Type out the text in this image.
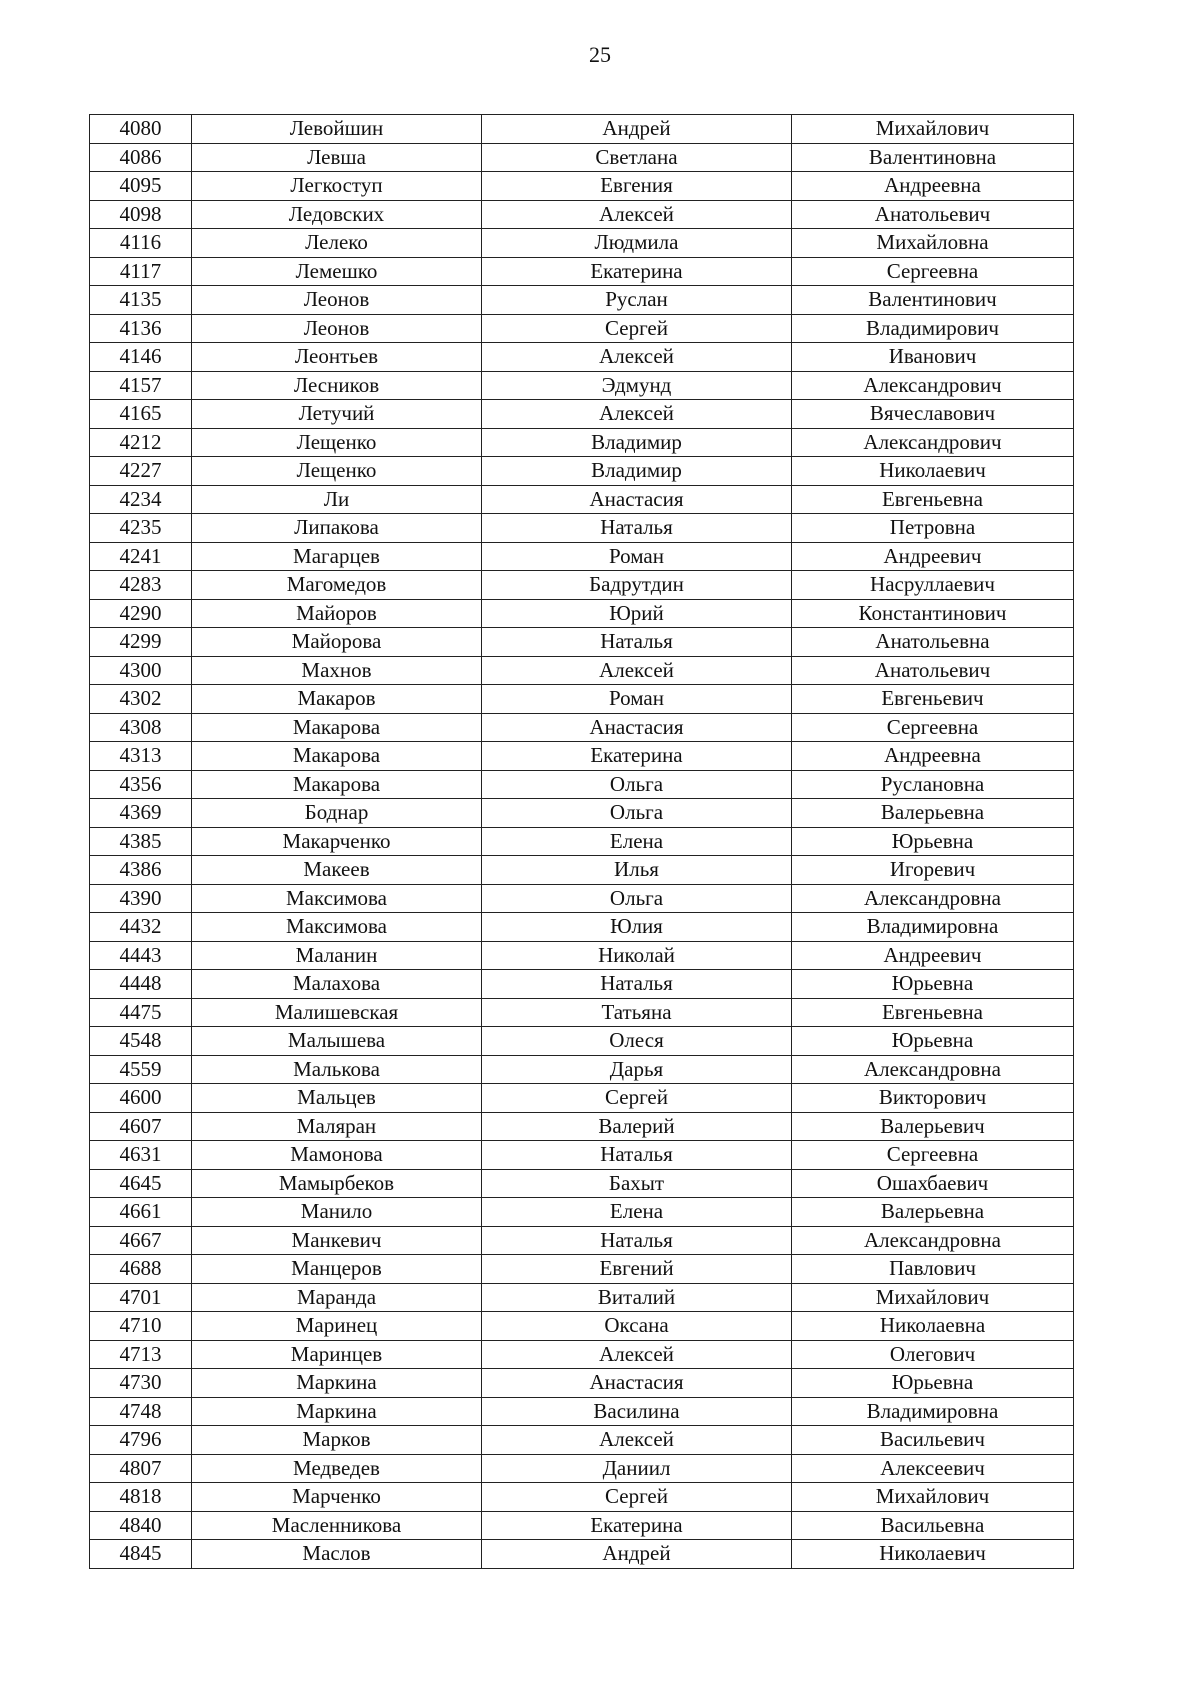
25
4080	Левойшин	Андрей	Михайлович
4086	Левша	Светлана	Валентиновна
4095	Легкоступ	Евгения	Андреевна
4098	Ледовских	Алексей	Анатольевич
4116	Лелеко	Людмила	Михайловна
4117	Лемешко	Екатерина	Сергеевна
4135	Леонов	Руслан	Валентинович
4136	Леонов	Сергей	Владимирович
4146	Леонтьев	Алексей	Иванович
4157	Лесников	Эдмунд	Александрович
4165	Летучий	Алексей	Вячеславович
4212	Лещенко	Владимир	Александрович
4227	Лещенко	Владимир	Николаевич
4234	Ли	Анастасия	Евгеньевна
4235	Липакова	Наталья	Петровна
4241	Магарцев	Роман	Андреевич
4283	Магомедов	Бадрутдин	Насруллаевич
4290	Майоров	Юрий	Константинович
4299	Майорова	Наталья	Анатольевна
4300	Махнов	Алексей	Анатольевич
4302	Макаров	Роман	Евгеньевич
4308	Макарова	Анастасия	Сергеевна
4313	Макарова	Екатерина	Андреевна
4356	Макарова	Ольга	Руслановна
4369	Боднар	Ольга	Валерьевна
4385	Макарченко	Елена	Юрьевна
4386	Макеев	Илья	Игоревич
4390	Максимова	Ольга	Александровна
4432	Максимова	Юлия	Владимировна
4443	Маланин	Николай	Андреевич
4448	Малахова	Наталья	Юрьевна
4475	Малишевская	Татьяна	Евгеньевна
4548	Малышева	Олеся	Юрьевна
4559	Малькова	Дарья	Александровна
4600	Мальцев	Сергей	Викторович
4607	Маляран	Валерий	Валерьевич
4631	Мамонова	Наталья	Сергеевна
4645	Мамырбеков	Бахыт	Ошахбаевич
4661	Манило	Елена	Валерьевна
4667	Манкевич	Наталья	Александровна
4688	Манцеров	Евгений	Павлович
4701	Маранда	Виталий	Михайлович
4710	Маринец	Оксана	Николаевна
4713	Маринцев	Алексей	Олегович
4730	Маркина	Анастасия	Юрьевна
4748	Маркина	Василина	Владимировна
4796	Марков	Алексей	Васильевич
4807	Медведев	Даниил	Алексеевич
4818	Марченко	Сергей	Михайлович
4840	Масленникова	Екатерина	Васильевна
4845	Маслов	Андрей	Николаевич
